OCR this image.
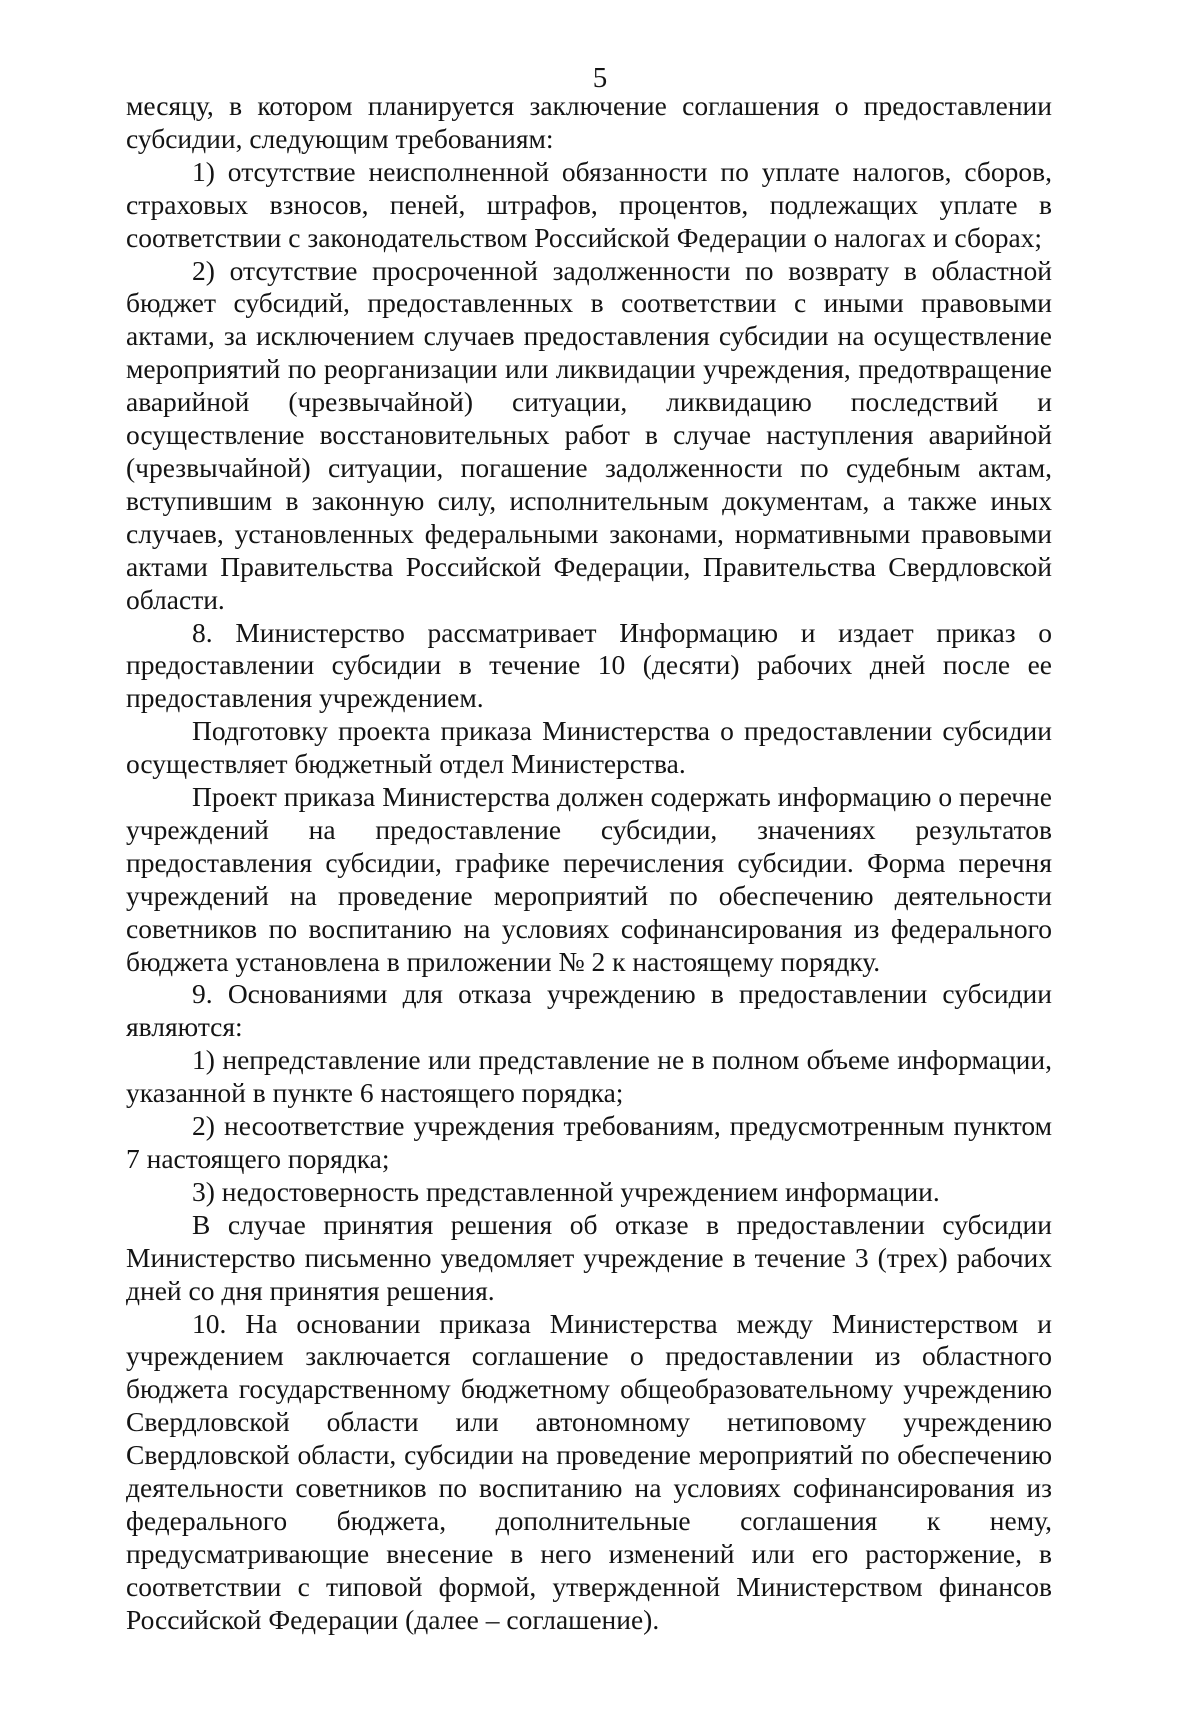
5

месяцу, в котором планируется заключение соглашения о предоставлении субсидии, следующим требованиям:

1) отсутствие неисполненной обязанности по уплате налогов, сборов, страховых взносов, пеней, штрафов, процентов, подлежащих уплате в соответствии с законодательством Российской Федерации о налогах и сборах;

2) отсутствие просроченной задолженности по возврату в областной бюджет субсидий, предоставленных в соответствии с иными правовыми актами, за исключением случаев предоставления субсидии на осуществление мероприятий по реорганизации или ликвидации учреждения, предотвращение аварийной (чрезвычайной) ситуации, ликвидацию последствий и осуществление восстановительных работ в случае наступления аварийной (чрезвычайной) ситуации, погашение задолженности по судебным актам, вступившим в законную силу, исполнительным документам, а также иных случаев, установленных федеральными законами, нормативными правовыми актами Правительства Российской Федерации, Правительства Свердловской области.

8. Министерство рассматривает Информацию и издает приказ о предоставлении субсидии в течение 10 (десяти) рабочих дней после ее предоставления учреждением.

Подготовку проекта приказа Министерства о предоставлении субсидии осуществляет бюджетный отдел Министерства.

Проект приказа Министерства должен содержать информацию о перечне учреждений на предоставление субсидии, значениях результатов предоставления субсидии, графике перечисления субсидии. Форма перечня учреждений на проведение мероприятий по обеспечению деятельности советников по воспитанию на условиях софинансирования из федерального бюджета установлена в приложении № 2 к настоящему порядку.

9. Основаниями для отказа учреждению в предоставлении субсидии являются:

1) непредставление или представление не в полном объеме информации, указанной в пункте 6 настоящего порядка;

2) несоответствие учреждения требованиям, предусмотренным пунктом 7 настоящего порядка;

3) недостоверность представленной учреждением информации.

В случае принятия решения об отказе в предоставлении субсидии Министерство письменно уведомляет учреждение в течение 3 (трех) рабочих дней со дня принятия решения.

10. На основании приказа Министерства между Министерством и учреждением заключается соглашение о предоставлении из областного бюджета государственному бюджетному общеобразовательному учреждению Свердловской области или автономному нетиповому учреждению Свердловской области, субсидии на проведение мероприятий по обеспечению деятельности советников по воспитанию на условиях софинансирования из федерального бюджета, дополнительные соглашения к нему, предусматривающие внесение в него изменений или его расторжение, в соответствии с типовой формой, утвержденной Министерством финансов Российской Федерации (далее – соглашение).
